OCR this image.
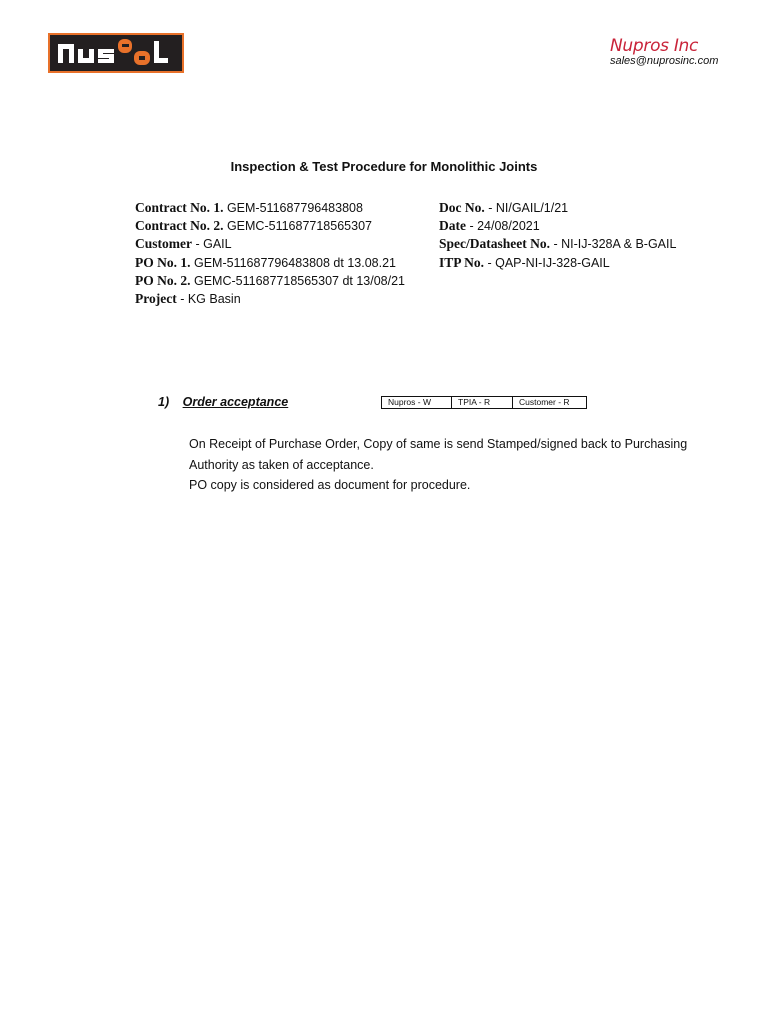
Nupros Inc
sales@nuprosinc.com
Inspection & Test Procedure for Monolithic Joints
Contract No. 1. GEM-511687796483808
Contract No. 2. GEMC-511687718565307
Customer - GAIL
PO No. 1. GEM-511687796483808 dt 13.08.21
PO No. 2. GEMC-511687718565307 dt 13/08/21
Project - KG Basin
Doc No. - NI/GAIL/1/21
Date - 24/08/2021
Spec/Datasheet No. - NI-IJ-328A & B-GAIL
ITP No. - QAP-NI-IJ-328-GAIL
1) Order acceptance	Nupros - W	TPIA - R	Customer - R

On Receipt of Purchase Order, Copy of same is send Stamped/signed back to Purchasing Authority as taken of acceptance.

PO copy is considered as document for procedure.
